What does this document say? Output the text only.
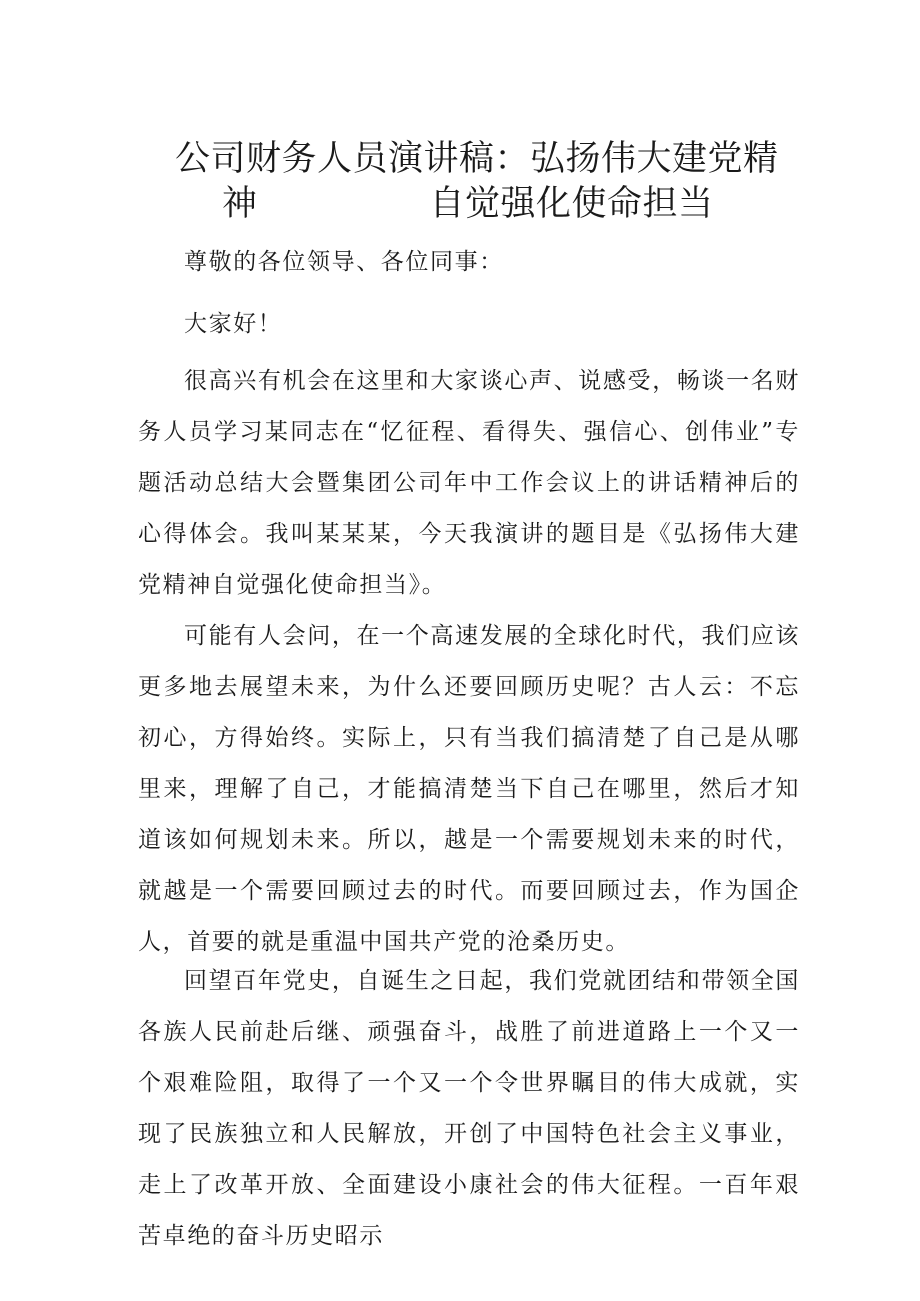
公司财务人员演讲稿：弘扬伟大建党精
神	自觉强化使命担当

尊敬的各位领导、各位同事：

大家好！

很高兴有机会在这里和大家谈心声、说感受，畅谈一名财务人员学习某同志在“忆征程、看得失、强信心、创伟业”专题活动总结大会暨集团公司年中工作会议上的讲话精神后的心得体会。我叫某某某，今天我演讲的题目是《弘扬伟大建党精神自觉强化使命担当》。

可能有人会问，在一个高速发展的全球化时代，我们应该更多地去展望未来，为什么还要回顾历史呢？古人云：不忘初心，方得始终。实际上，只有当我们搞清楚了自己是从哪里来，理解了自己，才能搞清楚当下自己在哪里，然后才知道该如何规划未来。所以，越是一个需要规划未来的时代，就越是一个需要回顾过去的时代。而要回顾过去，作为国企人，首要的就是重温中国共产党的沧桑历史。

回望百年党史，自诞生之日起，我们党就团结和带领全国各族人民前赴后继、顽强奋斗，战胜了前进道路上一个又一个艰难险阻，取得了一个又一个令世界瞩目的伟大成就，实现了民族独立和人民解放，开创了中国特色社会主义事业，走上了改革开放、全面建设小康社会的伟大征程。一百年艰苦卓绝的奋斗历史昭示
